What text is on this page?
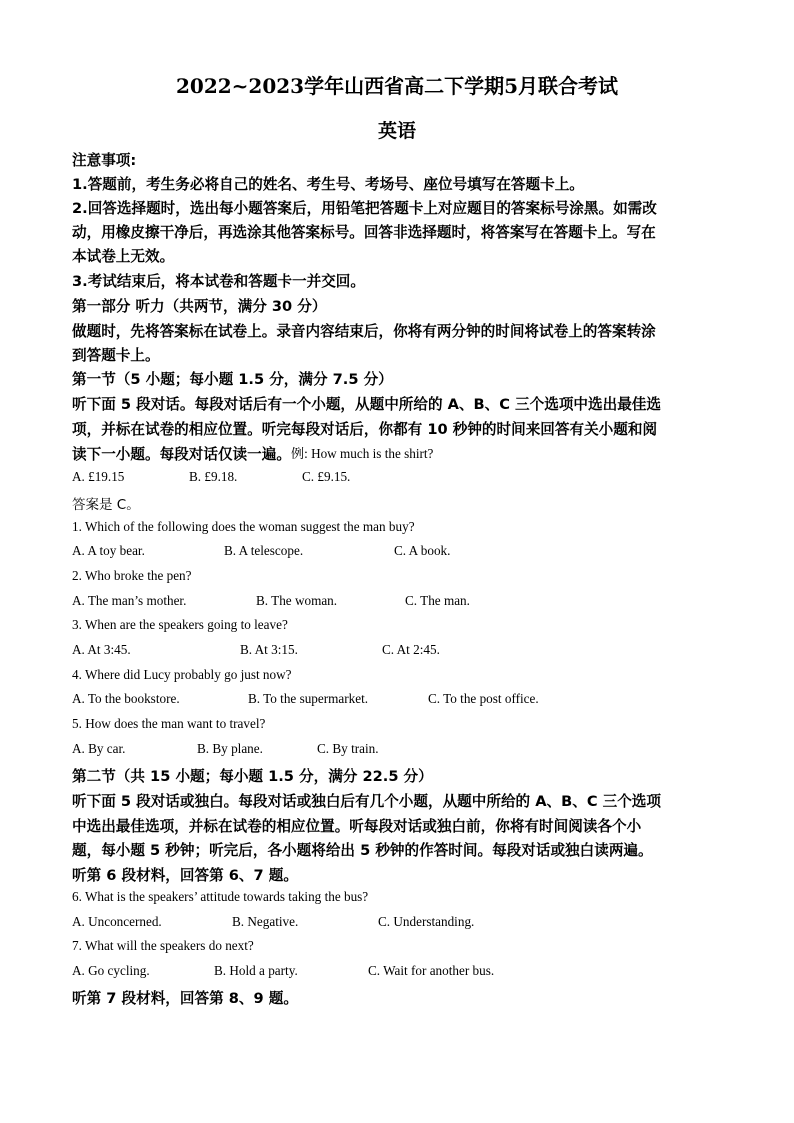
2022~2023学年山西省高二下学期5月联合考试
英语
注意事项:
1.答题前，考生务必将自己的姓名、考生号、考场号、座位号填写在答题卡上。
2.回答选择题时，选出每小题答案后，用铅笔把答题卡上对应题目的答案标号涂黑。如需改
动，用橡皮擦干净后，再选涂其他答案标号。回答非选择题时，将答案写在答题卡上。写在
本试卷上无效。
3.考试结束后，将本试卷和答题卡一并交回。
第一部分 听力（共两节，满分 30 分）
做题时，先将答案标在试卷上。录音内容结束后，你将有两分钟的时间将试卷上的答案转涂
到答题卡上。
第一节（5 小题；每小题 1.5 分，满分 7.5 分）
听下面 5 段对话。每段对话后有一个小题，从题中所给的 A、B、C 三个选项中选出最佳选
项，并标在试卷的相应位置。听完每段对话后，你都有 10 秒钟的时间来回答有关小题和阅
读下一小题。每段对话仅读一遍。例: How much is the shirt?
A. £19.15	B. £9.18.	C. £9.15.
答案是 C。
1. Which of the following does the woman suggest the man buy?
A. A toy bear.	B. A telescope.	C. A book.
2. Who broke the pen?
A. The man’s mother.	B. The woman.	C. The man.
3. When are the speakers going to leave?
A. At 3:45.	B. At 3:15.	C. At 2:45.
4. Where did Lucy probably go just now?
A. To the bookstore.	B. To the supermarket.	C. To the post office.
5. How does the man want to travel?
A. By car.	B. By plane.	C. By train.
第二节（共 15 小题；每小题 1.5 分，满分 22.5 分）
听下面 5 段对话或独白。每段对话或独白后有几个小题，从题中所给的 A、B、C 三个选项
中选出最佳选项，并标在试卷的相应位置。听每段对话或独白前，你将有时间阅读各个小
题，每小题 5 秒钟；听完后，各小题将给出 5 秒钟的作答时间。每段对话或独白读两遍。
听第 6 段材料，回答第 6、7 题。
6. What is the speakers’ attitude towards taking the bus?
A. Unconcerned.	B. Negative.	C. Understanding.
7. What will the speakers do next?
A. Go cycling.	B. Hold a party.	C. Wait for another bus.
听第 7 段材料，回答第 8、9 题。
